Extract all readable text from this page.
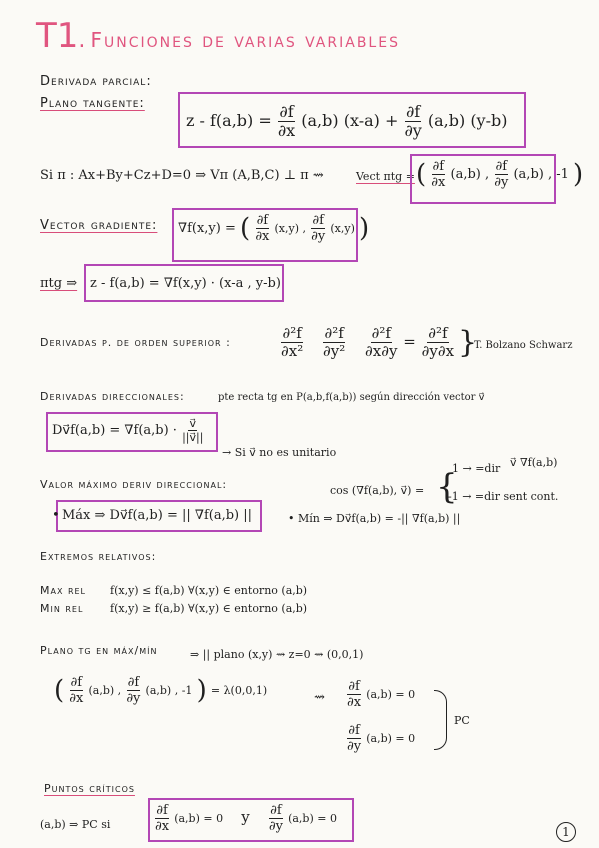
T1. Funciones de varias variables
Derivada parcial:
Plano tangente:
$z - f(a,b) = \frac{\partial f}{\partial x} (a,b) (x-a) + \frac{\partial f}{\partial y} (a,b)$ (y-b)
Si π : Ax+By+Cz+D=0 ⇒ Vπ (A,B,C) ⊥ π ⇝	Vect πtg = ( $\frac{\partial f}{\partial x} (a,b)$ , $\frac{\partial f}{\partial y} (a,b)$ , -1 )
Vector gradiente: ∇f(x,y) = ( $\frac{\partial f}{\partial x} (x,y)$ , $\frac{\partial f}{\partial y} (x,y)$ )
πtg ⇒ z - f(a,b) = ∇f(x,y) · (x-a , y-b)
Derivadas p. de orden superior :	$\frac{\text{∂²f}}{\text{∂x²}}$
$\frac{\text{∂²f}}{\text{∂y²}}$
$\frac{\text{∂²f}}{\partial x\partial y} = \frac{\text{∂²f}}{\partial y\partial x}$ }
T. Bolzano Schwarz
Derivadas direccionales:	pte recta tg en P(a,b,f(a,b)) según dirección vector v⃗
Dv⃗f(a,b) = $\nabla f(a,b) \cdot \frac{v⃗}{||v⃗||}$
→ Si v⃗ no es unitario
Valor máximo deriv direccional:	cos (∇f(a,b), v⃗) = {
1 → =dir v⃗ ∇f(a,b)
-1 → =dir sent cont.
• Máx ⇒ Dv⃗f(a,b) = || ∇f(a,b) ||	• Mín ⇒ Dv⃗f(a,b) = -|| ∇f(a,b) ||
Extremos relativos:
Max rel f(x,y) ≤ f(a,b) ∀(x,y) ∈ entorno (a,b)
Min rel f(x,y) ≥ f(a,b) ∀(x,y) ∈ entorno (a,b)
Plano tg en máx/mín	⇒ || plano (x,y) ⇝ z=0 ⇝ (0,0,1)
( $\frac{\partial f}{\partial x} (a,b)$ , $\frac{\partial f}{\partial y} (a,b)$ , -1 ) = λ(0,0,1)	⇝ $\frac{\partial f}{\partial x} (a,b) = 0$
$\frac{\partial f}{\partial y} (a,b) = 0$
PC
Puntos críticos
(a,b) ⇒ PC si	$\frac{\partial f}{\partial x} (a,b) = 0$ y $\frac{\partial f}{\partial y} (a,b) = 0$
1
